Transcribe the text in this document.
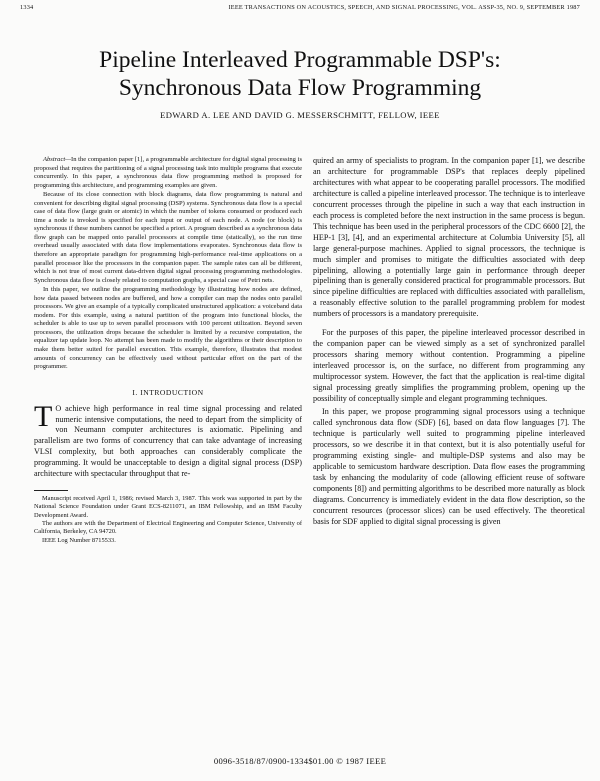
1334	IEEE TRANSACTIONS ON ACOUSTICS, SPEECH, AND SIGNAL PROCESSING, VOL. ASSP-35, NO. 9, SEPTEMBER 1987
Pipeline Interleaved Programmable DSP's:
Synchronous Data Flow Programming
EDWARD A. LEE AND DAVID G. MESSERSCHMITT, FELLOW, IEEE

Abstract—In the companion paper [1], a programmable architecture for digital signal processing is proposed that requires the partitioning of a signal processing task into multiple programs that execute concurrently. In this paper, a synchronous data flow programming method is proposed for programming this architecture, and programming examples are given.

Because of its close connection with block diagrams, data flow programming is natural and convenient for describing digital signal processing (DSP) systems. Synchronous data flow is a special case of data flow (large grain or atomic) in which the number of tokens consumed or produced each time a node is invoked is specified for each input or output of each node. A node (or block) is synchronous if these numbers cannot be specified a priori. A program described as a synchronous data flow graph can be mapped onto parallel processors at compile time (statically), so the run time overhead usually associated with data flow implementations evaporates. Synchronous data flow is therefore an appropriate paradigm for programming high-performance real-time applications on a parallel processor like the processors in the companion paper. The sample rates can all be different, which is not true of most current data-driven digital signal processing programming methodologies. Synchronous data flow is closely related to computation graphs, a special case of Petri nets.

In this paper, we outline the programming methodology by illustrating how nodes are defined, how data passed between nodes are buffered, and how a compiler can map the nodes onto parallel processors. We give an example of a typically complicated unstructured application: a voiceband data modem. For this example, using a natural partition of the program into functional blocks, the scheduler is able to use up to seven parallel processors with 100 percent utilization. Beyond seven processors, the utilization drops because the scheduler is limited by a recursive computation, the equalizer tap update loop. No attempt has been made to modify the algorithms or their description to make them better suited for parallel execution. This example, therefore, illustrates that modest amounts of concurrency can be effectively used without particular effort on the part of the programmer.

I. INTRODUCTION

T O achieve high performance in real time signal processing and related numeric intensive computations, the need to depart from the simplicity of von Neumann computer architectures is axiomatic. Pipelining and parallelism are two forms of concurrency that can take advantage of increasing VLSI complexity, but both approaches can considerably complicate the programming. It would be unacceptable to design a digital signal process (DSP) architecture with spectacular throughput that re-

Manuscript received April 1, 1986; revised March 3, 1987. This work was supported in part by the National Science Foundation under Grant ECS-8211071, an IBM Fellowship, and an IBM Faculty Development Award.

The authors are with the Department of Electrical Engineering and Computer Science, University of California, Berkeley, CA 94720.

IEEE Log Number 8715533.

quired an army of specialists to program. In the companion paper [1], we describe an architecture for programmable DSP's that replaces deeply pipelined architectures with what appear to be cooperating parallel processors. The modified architecture is called a pipeline interleaved processor. The technique is to interleave concurrent processes through the pipeline in such a way that each instruction in each process is completed before the next instruction in the same process is begun. This technique has been used in the peripheral processors of the CDC 6600 [2], the HEP-1 [3], [4], and an experimental architecture at Columbia University [5], all large general-purpose machines. Applied to signal processors, the technique is much simpler and promises to mitigate the difficulties associated with deep pipelining, allowing a potentially large gain in performance through deeper pipelining than is generally considered practical for programmable processors. But since pipeline difficulties are replaced with difficulties associated with parallelism, a reasonably effective solution to the parallel programming problem for modest numbers of processors is a mandatory prerequisite.

For the purposes of this paper, the pipeline interleaved processor described in the companion paper can be viewed simply as a set of synchronized parallel processors sharing memory without contention. Programming a pipeline interleaved processor is, on the surface, no different from programming any multiprocessor system. However, the fact that the application is real-time digital signal processing greatly simplifies the programming problem, opening up the possibility of conceptually simple and elegant programming techniques.

In this paper, we propose programming signal processors using a technique called synchronous data flow (SDF) [6], based on data flow languages [7]. The technique is particularly well suited to programming pipeline interleaved processors, so we describe it in that context, but it is also potentially useful for programming existing single- and multiple-DSP systems and also may be applicable to semicustom hardware description. Data flow eases the programming task by enhancing the modularity of code (allowing efficient reuse of software components [8]) and permitting algorithms to be described more naturally as block diagrams. Concurrency is immediately evident in the data flow description, so the concurrent resources (processor slices) can be used effectively. The theoretical basis for SDF applied to digital signal processing is given

0096-3518/87/0900-1334$01.00 © 1987 IEEE
